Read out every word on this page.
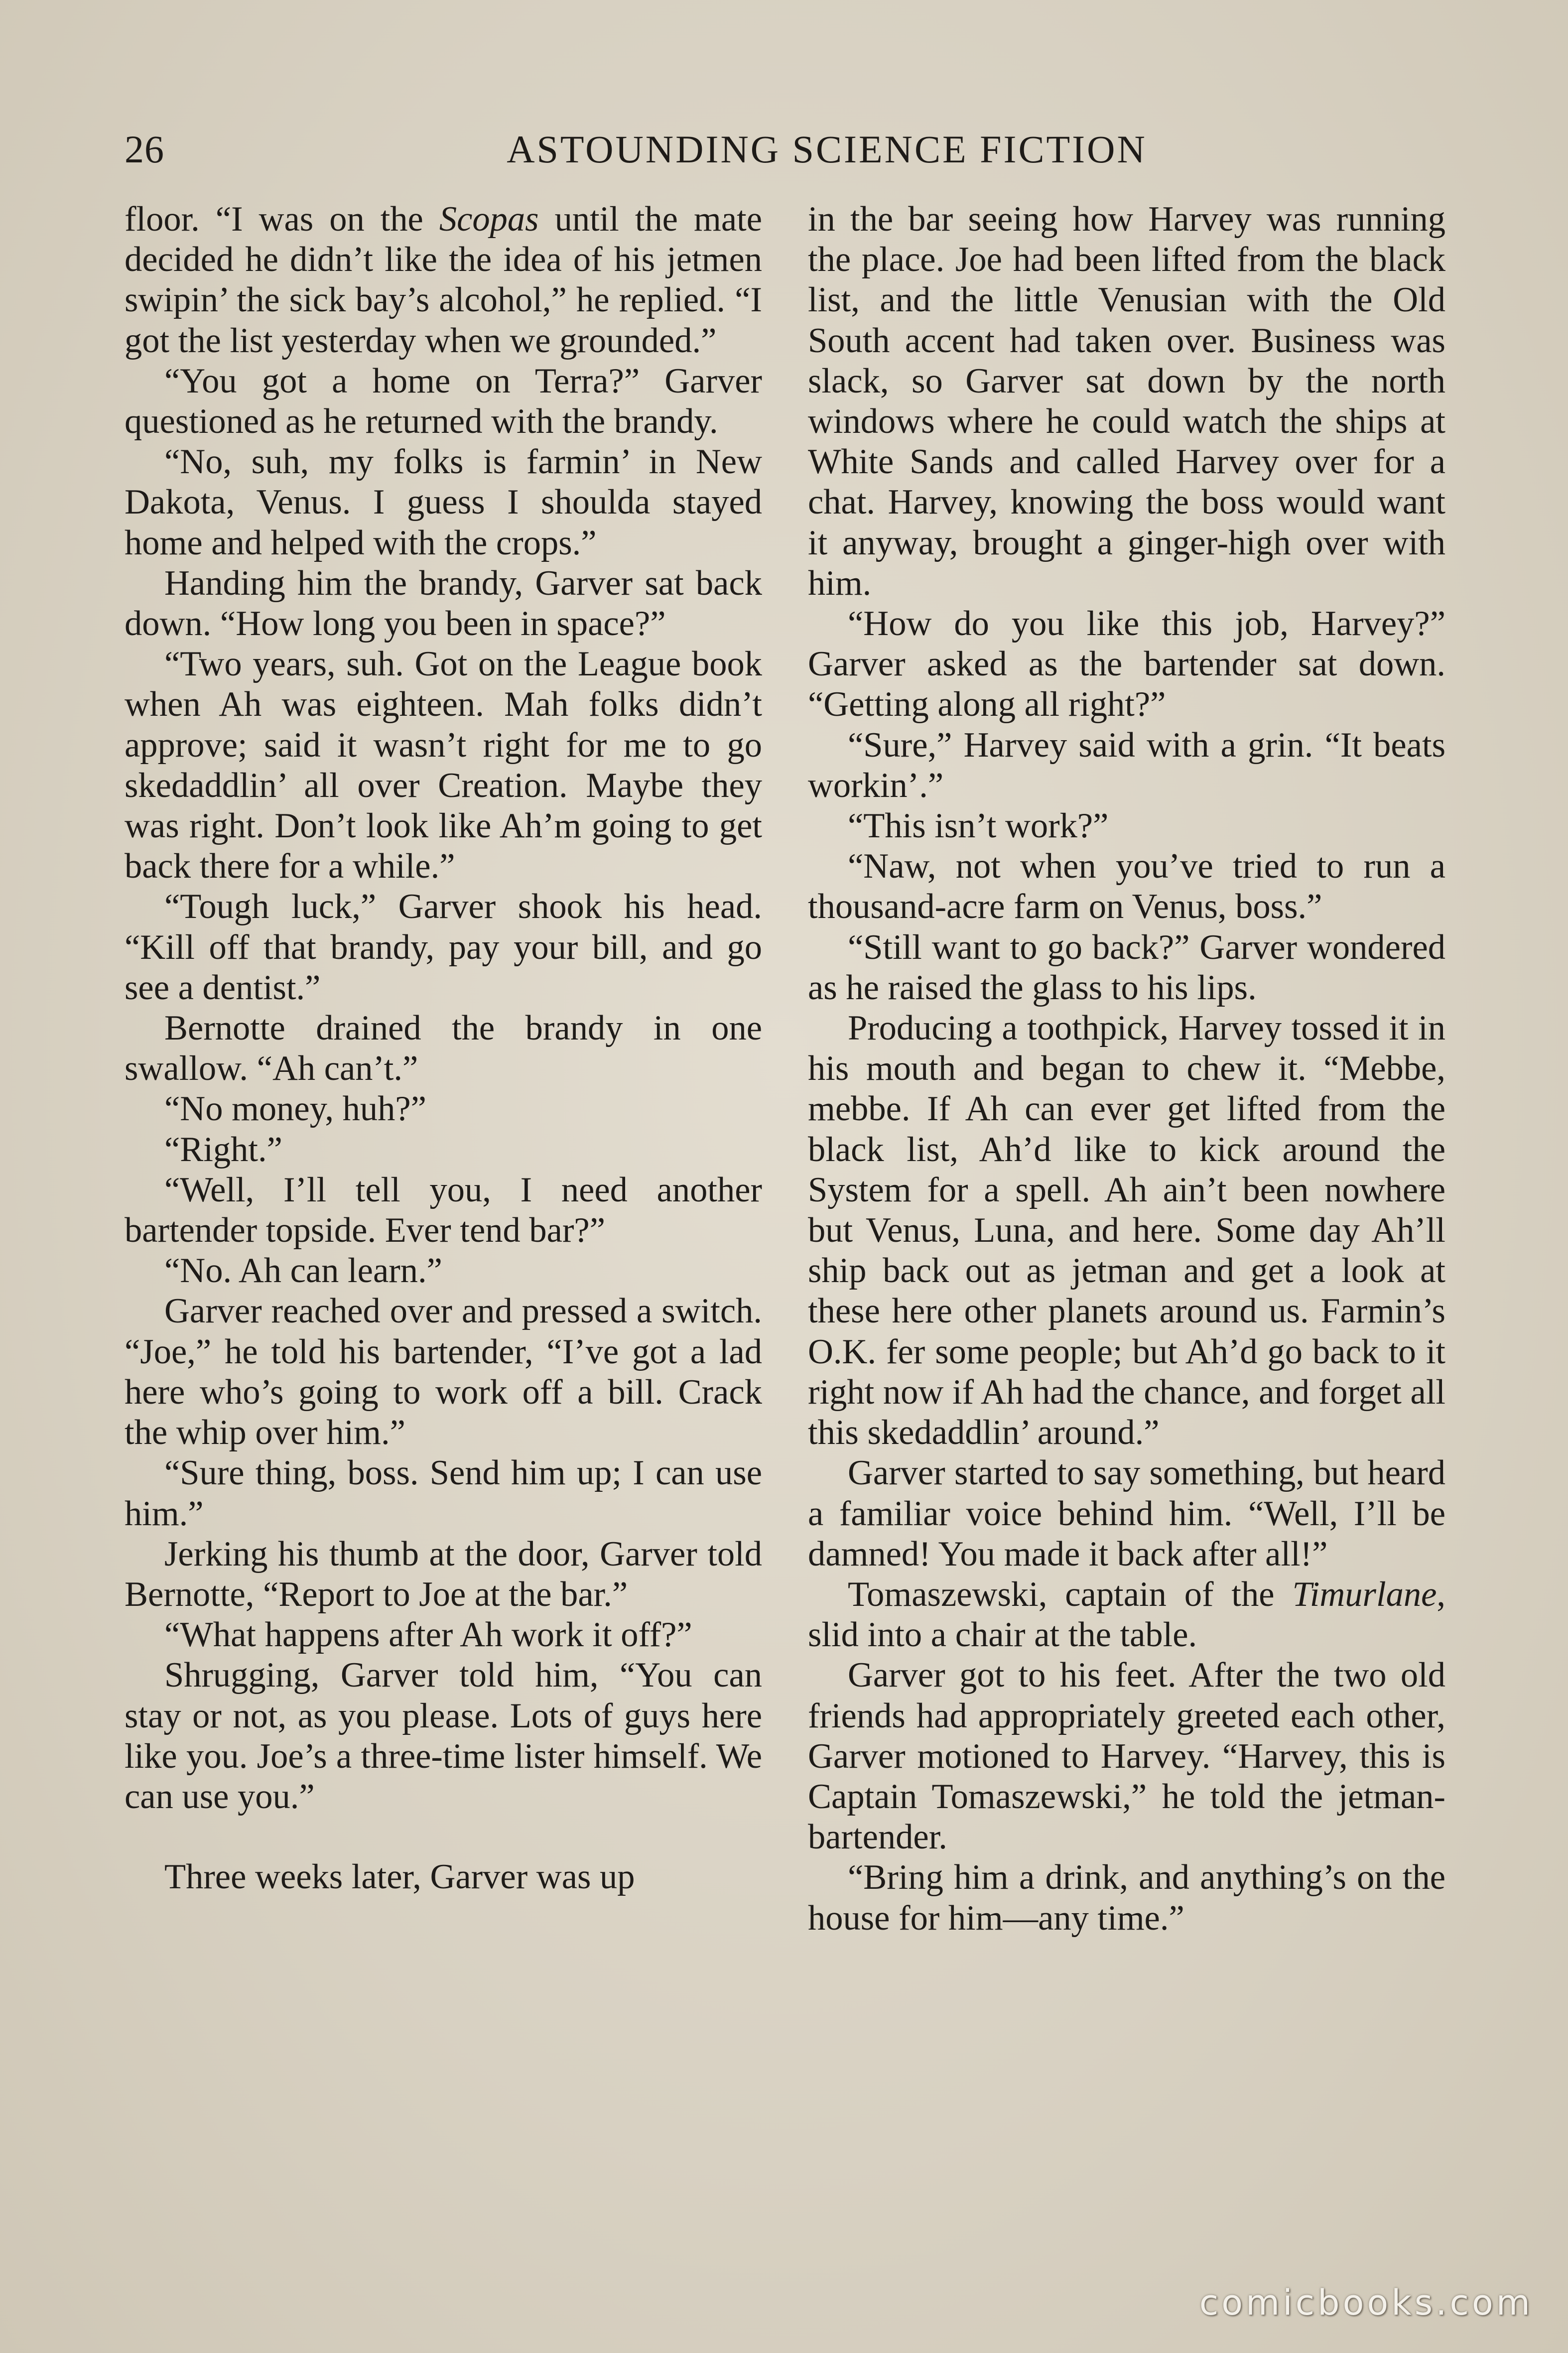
26	ASTOUNDING SCIENCE FICTION

floor. “I was on the Scopas until the mate decided he didn’t like the idea of his jetmen swipin’ the sick bay’s alcohol,” he replied. “I got the list yesterday when we grounded.”

“You got a home on Terra?” Garver questioned as he returned with the brandy.

“No, suh, my folks is farmin’ in New Dakota, Venus. I guess I shoulda stayed home and helped with the crops.”

Handing him the brandy, Garver sat back down. “How long you been in space?”

“Two years, suh. Got on the League book when Ah was eighteen. Mah folks didn’t approve; said it wasn’t right for me to go skedaddlin’ all over Creation. Maybe they was right. Don’t look like Ah’m going to get back there for a while.”

“Tough luck,” Garver shook his head. “Kill off that brandy, pay your bill, and go see a dentist.”

Bernotte drained the brandy in one swallow. “Ah can’t.”

“No money, huh?”

“Right.”

“Well, I’ll tell you, I need another bartender topside. Ever tend bar?”

“No. Ah can learn.”

Garver reached over and pressed a switch. “Joe,” he told his bartender, “I’ve got a lad here who’s going to work off a bill. Crack the whip over him.”

“Sure thing, boss. Send him up; I can use him.”

Jerking his thumb at the door, Garver told Bernotte, “Report to Joe at the bar.”

“What happens after Ah work it off?”

Shrugging, Garver told him, “You can stay or not, as you please. Lots of guys here like you. Joe’s a three-time lister himself. We can use you.”

Three weeks later, Garver was up

in the bar seeing how Harvey was running the place. Joe had been lifted from the black list, and the little Venusian with the Old South accent had taken over. Business was slack, so Garver sat down by the north windows where he could watch the ships at White Sands and called Harvey over for a chat. Harvey, knowing the boss would want it anyway, brought a ginger-high over with him.

“How do you like this job, Harvey?” Garver asked as the bartender sat down. “Getting along all right?”

“Sure,” Harvey said with a grin. “It beats workin’.”

“This isn’t work?”

“Naw, not when you’ve tried to run a thousand-acre farm on Venus, boss.”

“Still want to go back?” Garver wondered as he raised the glass to his lips.

Producing a toothpick, Harvey tossed it in his mouth and began to chew it. “Mebbe, mebbe. If Ah can ever get lifted from the black list, Ah’d like to kick around the System for a spell. Ah ain’t been nowhere but Venus, Luna, and here. Some day Ah’ll ship back out as jetman and get a look at these here other planets around us. Farmin’s O.K. fer some people; but Ah’d go back to it right now if Ah had the chance, and forget all this skedaddlin’ around.”

Garver started to say something, but heard a familiar voice behind him. “Well, I’ll be damned! You made it back after all!”

Tomaszewski, captain of the Timurlane, slid into a chair at the table.

Garver got to his feet. After the two old friends had appropriately greeted each other, Garver motioned to Harvey. “Harvey, this is Captain Tomaszewski,” he told the jetman-bartender.

“Bring him a drink, and anything’s on the house for him—any time.”

comicbooks.com
